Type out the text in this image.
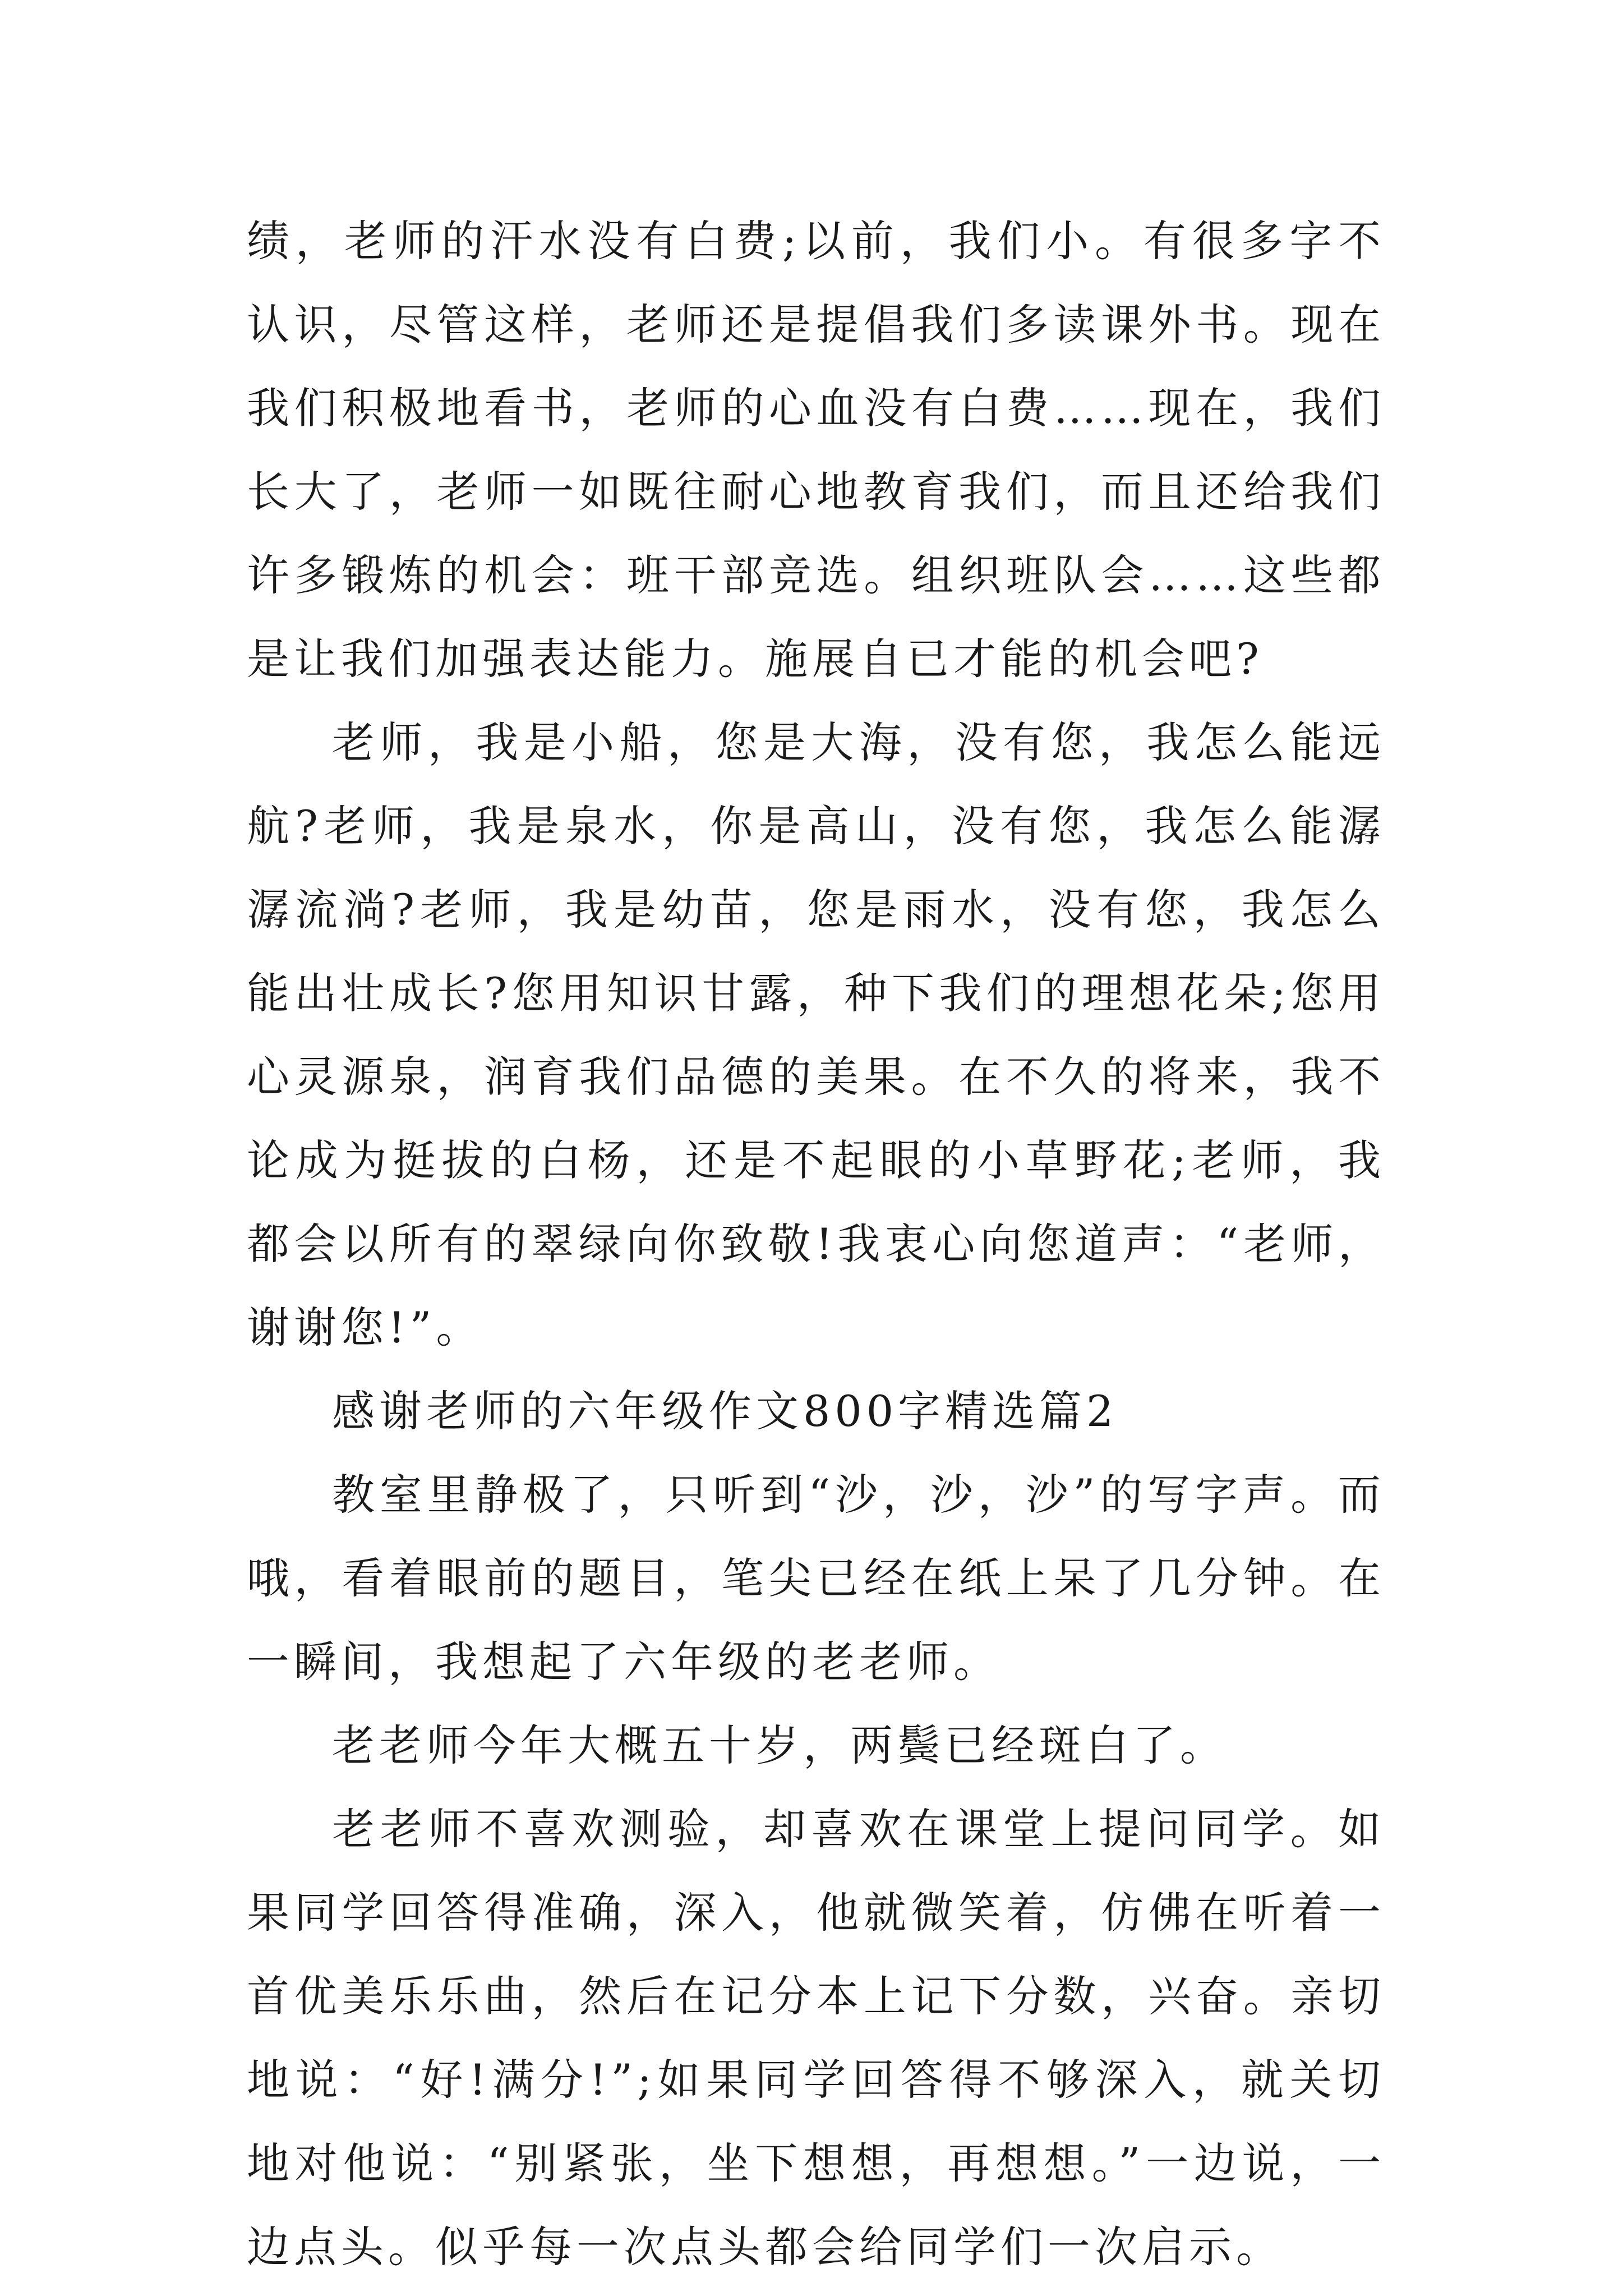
绩，老师的汗水没有白费;以前，我们小。有很多字不认识，尽管这样，老师还是提倡我们多读课外书。现在我们积极地看书，老师的心血没有白费……现在，我们长大了，老师一如既往耐心地教育我们，而且还给我们许多锻炼的机会：班干部竞选。组织班队会……这些都是让我们加强表达能力。施展自已才能的机会吧?

老师，我是小船，您是大海，没有您，我怎么能远航?老师，我是泉水，你是高山，没有您，我怎么能潺潺流淌?老师，我是幼苗，您是雨水，没有您，我怎么能出壮成长?您用知识甘露，种下我们的理想花朵;您用心灵源泉，润育我们品德的美果。在不久的将来，我不论成为挺拔的白杨，还是不起眼的小草野花;老师，我都会以所有的翠绿向你致敬!我衷心向您道声：“老师，谢谢您!”。

感谢老师的六年级作文800字精选篇2

教室里静极了，只听到“沙，沙，沙”的写字声。而哦，看着眼前的题目，笔尖已经在纸上呆了几分钟。在一瞬间，我想起了六年级的老老师。

老老师今年大概五十岁，两鬓已经斑白了。

老老师不喜欢测验，却喜欢在课堂上提问同学。如果同学回答得准确，深入，他就微笑着，仿佛在听着一首优美乐乐曲，然后在记分本上记下分数，兴奋。亲切地说：“好!满分!”;如果同学回答得不够深入，就关切地对他说：“别紧张，坐下想想，再想想。”一边说，一边点头。似乎每一次点头都会给同学们一次启示。
